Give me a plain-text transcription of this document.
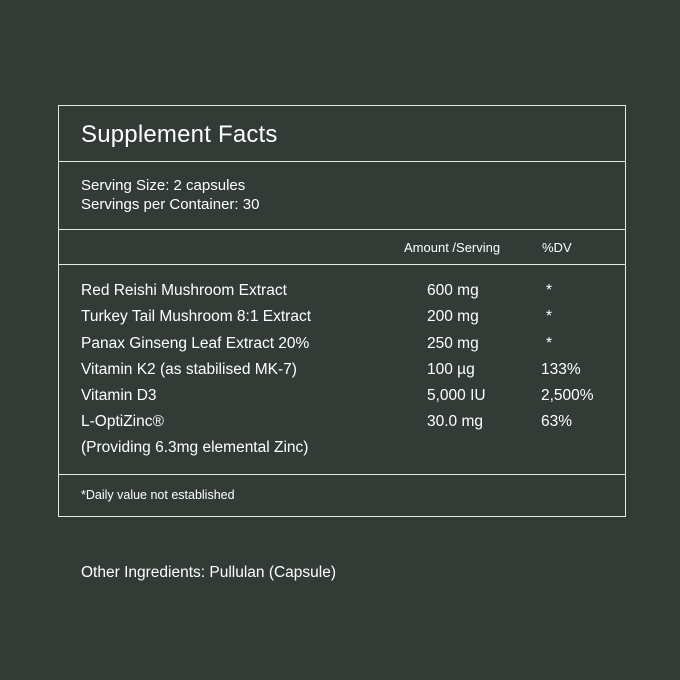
Supplement Facts
Serving Size: 2 capsules
Servings per Container: 30
Amount /Serving	%DV
Red Reishi Mushroom Extract	600 mg	*
Turkey Tail Mushroom 8:1 Extract	200 mg	*
Panax Ginseng Leaf Extract 20%	250 mg	*
Vitamin K2 (as stabilised MK-7)	100 µg	133%
Vitamin D3	5,000 IU	2,500%
L-OptiZinc®	30.0 mg	63%
(Providing 6.3mg elemental Zinc)
*Daily value not established
Other Ingredients: Pullulan (Capsule)
